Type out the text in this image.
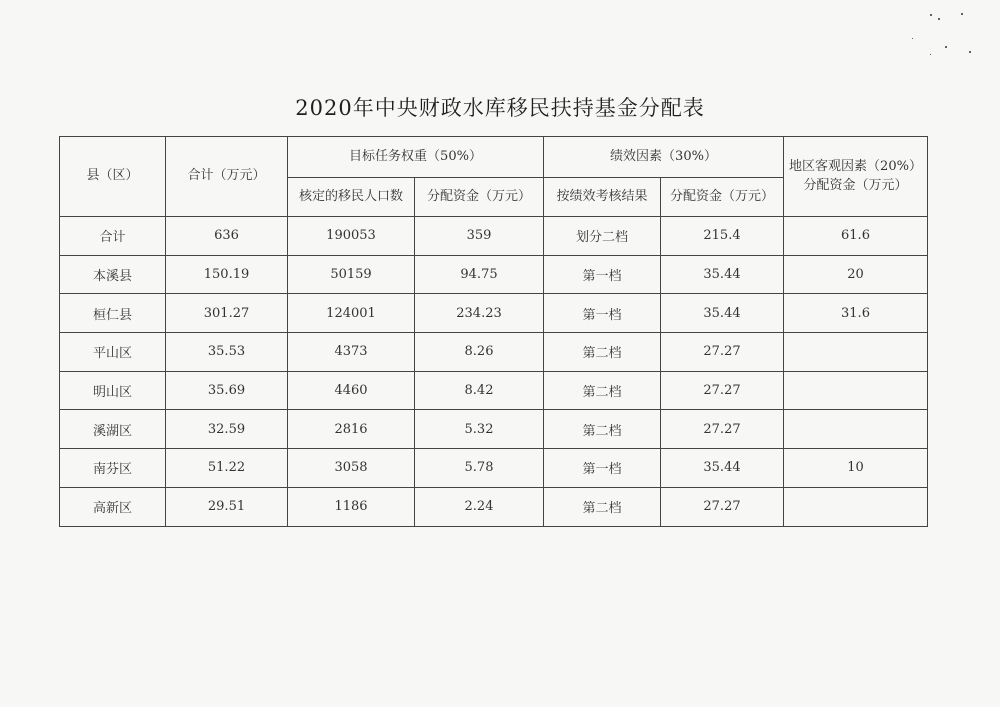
2020年中央财政水库移民扶持基金分配表
县（区）	合计（万元）	目标任务权重（50%）		绩效因素（30%）		地区客观因素（20%）分配资金（万元）
		核定的移民人口数	分配资金（万元）	按绩效考核结果	分配资金（万元）	
合计	636	190053	359	划分二档	215.4	61.6
本溪县	150.19	50159	94.75	第一档	35.44	20
桓仁县	301.27	124001	234.23	第一档	35.44	31.6
平山区	35.53	4373	8.26	第二档	27.27	
明山区	35.69	4460	8.42	第二档	27.27	
溪湖区	32.59	2816	5.32	第二档	27.27	
南芬区	51.22	3058	5.78	第一档	35.44	10
高新区	29.51	1186	2.24	第二档	27.27	
